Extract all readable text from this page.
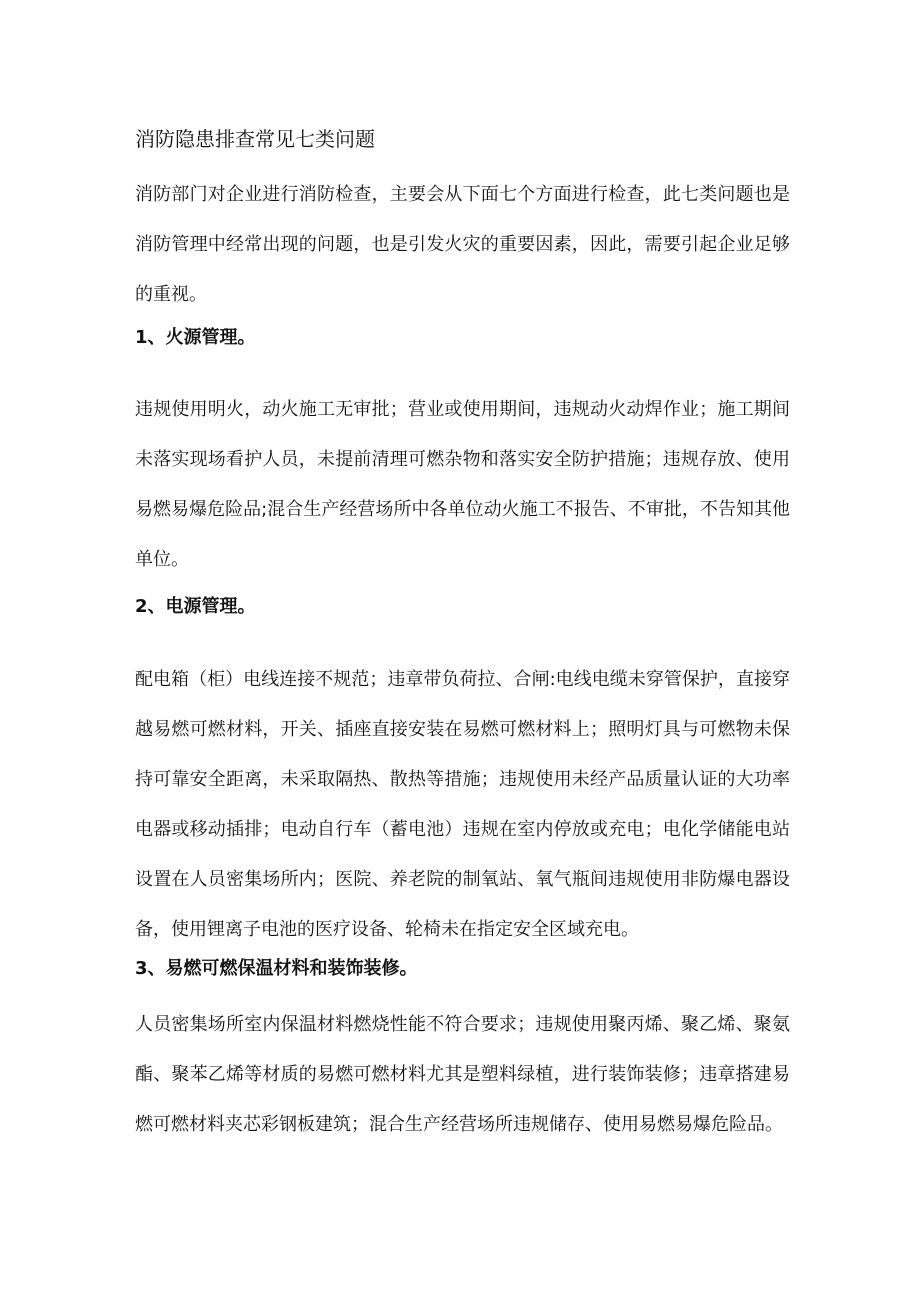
消防隐患排查常见七类问题

消防部门对企业进行消防检查，主要会从下面七个方面进行检查，此七类问题也是消防管理中经常出现的问题，也是引发火灾的重要因素，因此，需要引起企业足够的重视。

1、火源管理。

违规使用明火，动火施工无审批；营业或使用期间，违规动火动焊作业；施工期间未落实现场看护人员，未提前清理可燃杂物和落实安全防护措施；违规存放、使用易燃易爆危险品;混合生产经营场所中各单位动火施工不报告、不审批，不告知其他单位。

2、电源管理。

配电箱（柜）电线连接不规范；违章带负荷拉、合闸:电线电缆未穿管保护，直接穿越易燃可燃材料，开关、插座直接安装在易燃可燃材料上；照明灯具与可燃物未保持可靠安全距离，未采取隔热、散热等措施；违规使用未经产品质量认证的大功率电器或移动插排；电动自行车（蓄电池）违规在室内停放或充电；电化学储能电站设置在人员密集场所内；医院、养老院的制氧站、氧气瓶间违规使用非防爆电器设备，使用锂离子电池的医疗设备、轮椅未在指定安全区域充电。

3、易燃可燃保温材料和装饰装修。

人员密集场所室内保温材料燃烧性能不符合要求；违规使用聚丙烯、聚乙烯、聚氨酯、聚苯乙烯等材质的易燃可燃材料尤其是塑料绿植，进行装饰装修；违章搭建易燃可燃材料夹芯彩钢板建筑；混合生产经营场所违规储存、使用易燃易爆危险品。
